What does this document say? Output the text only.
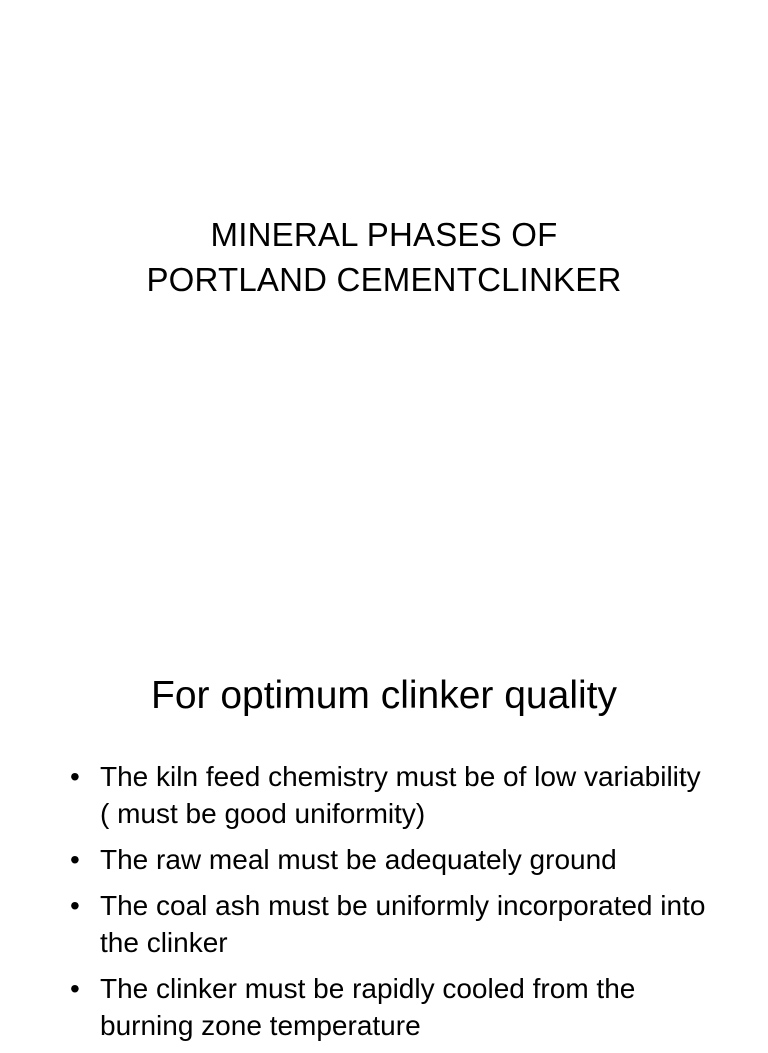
MINERAL PHASES OF
PORTLAND CEMENTCLINKER
For optimum clinker quality
• The kiln feed chemistry must be of low variability ( must be good uniformity)
• The raw meal must be adequately ground
• The coal ash must be uniformly incorporated into the clinker
• The clinker must be rapidly cooled from the burning zone temperature
